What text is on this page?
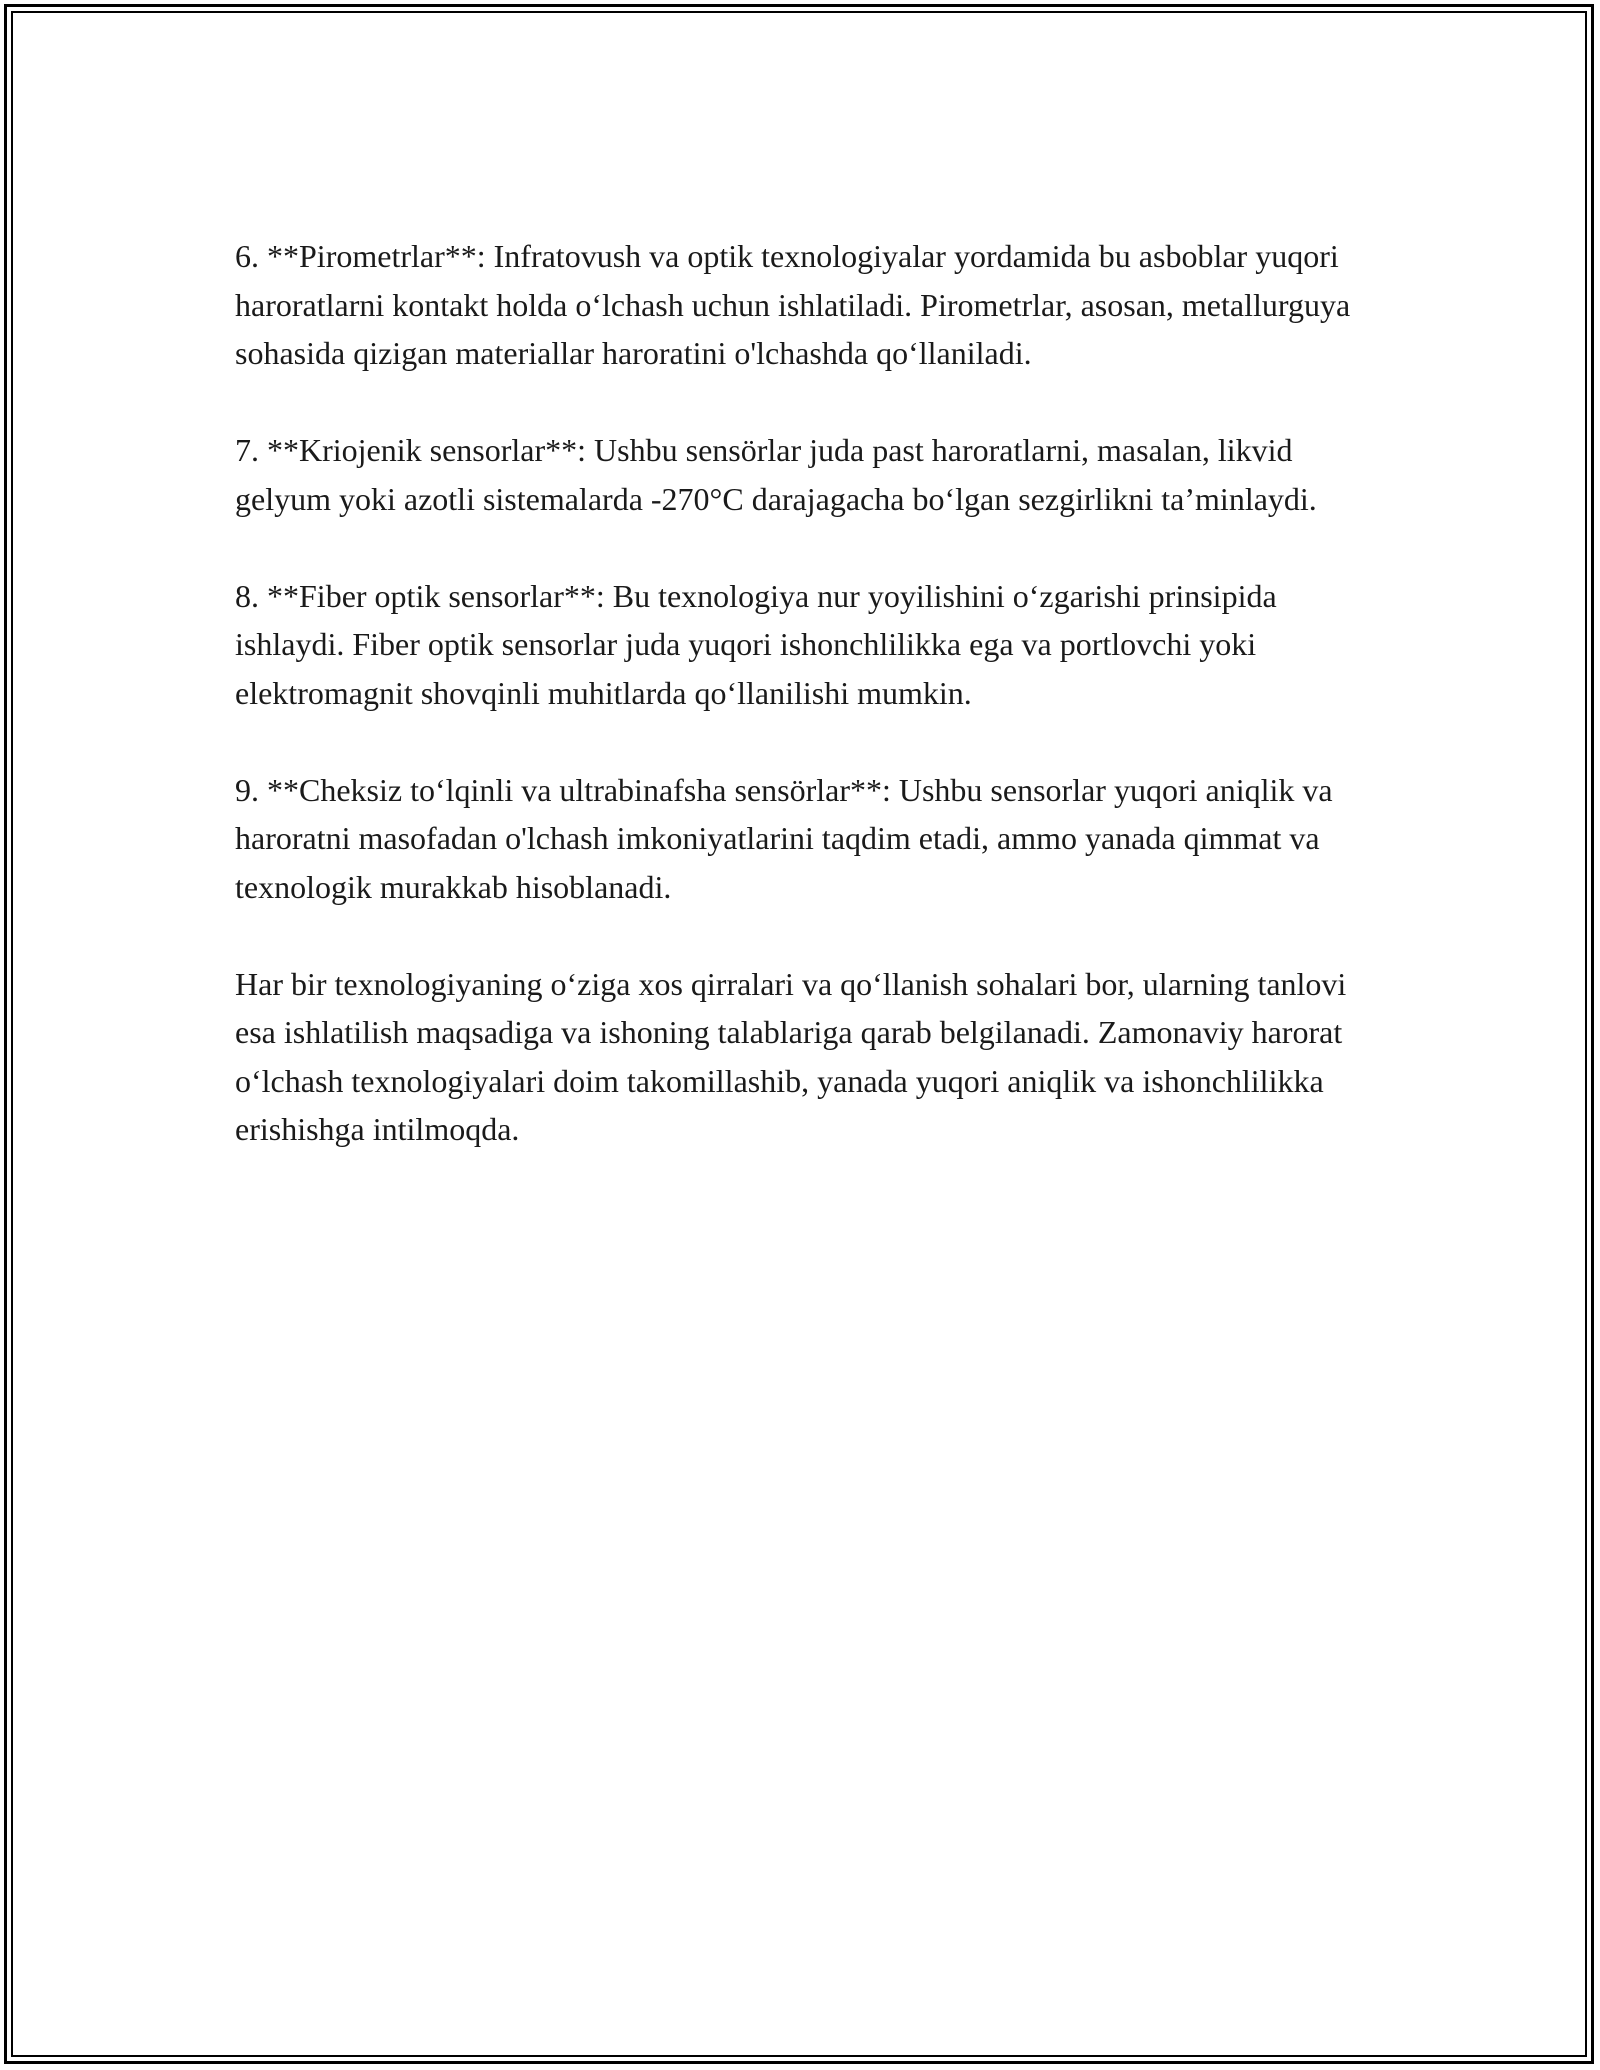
6. **Pirometrlar**: Infratovush va optik texnologiyalar yordamida bu asboblar yuqori haroratlarni kontakt holda o‘lchash uchun ishlatiladi. Pirometrlar, asosan, metallurguya sohasida qizigan materiallar haroratini o'lchashda qo‘llaniladi.

7. **Kriojenik sensorlar**: Ushbu sensörlar juda past haroratlarni, masalan, likvid gelyum yoki azotli sistemalarda -270°C darajagacha bo‘lgan sezgirlikni ta’minlaydi.

8. **Fiber optik sensorlar**: Bu texnologiya nur yoyilishini o‘zgarishi prinsipida ishlaydi. Fiber optik sensorlar juda yuqori ishonchlilikka ega va portlovchi yoki elektromagnit shovqinli muhitlarda qo‘llanilishi mumkin.

9. **Cheksiz to‘lqinli va ultrabinafsha sensörlar**: Ushbu sensorlar yuqori aniqlik va haroratni masofadan o'lchash imkoniyatlarini taqdim etadi, ammo yanada qimmat va texnologik murakkab hisoblanadi.

Har bir texnologiyaning o‘ziga xos qirralari va qo‘llanish sohalari bor, ularning tanlovi esa ishlatilish maqsadiga va ishoning talablariga qarab belgilanadi. Zamonaviy harorat o‘lchash texnologiyalari doim takomillashib, yanada yuqori aniqlik va ishonchlilikka erishishga intilmoqda.
